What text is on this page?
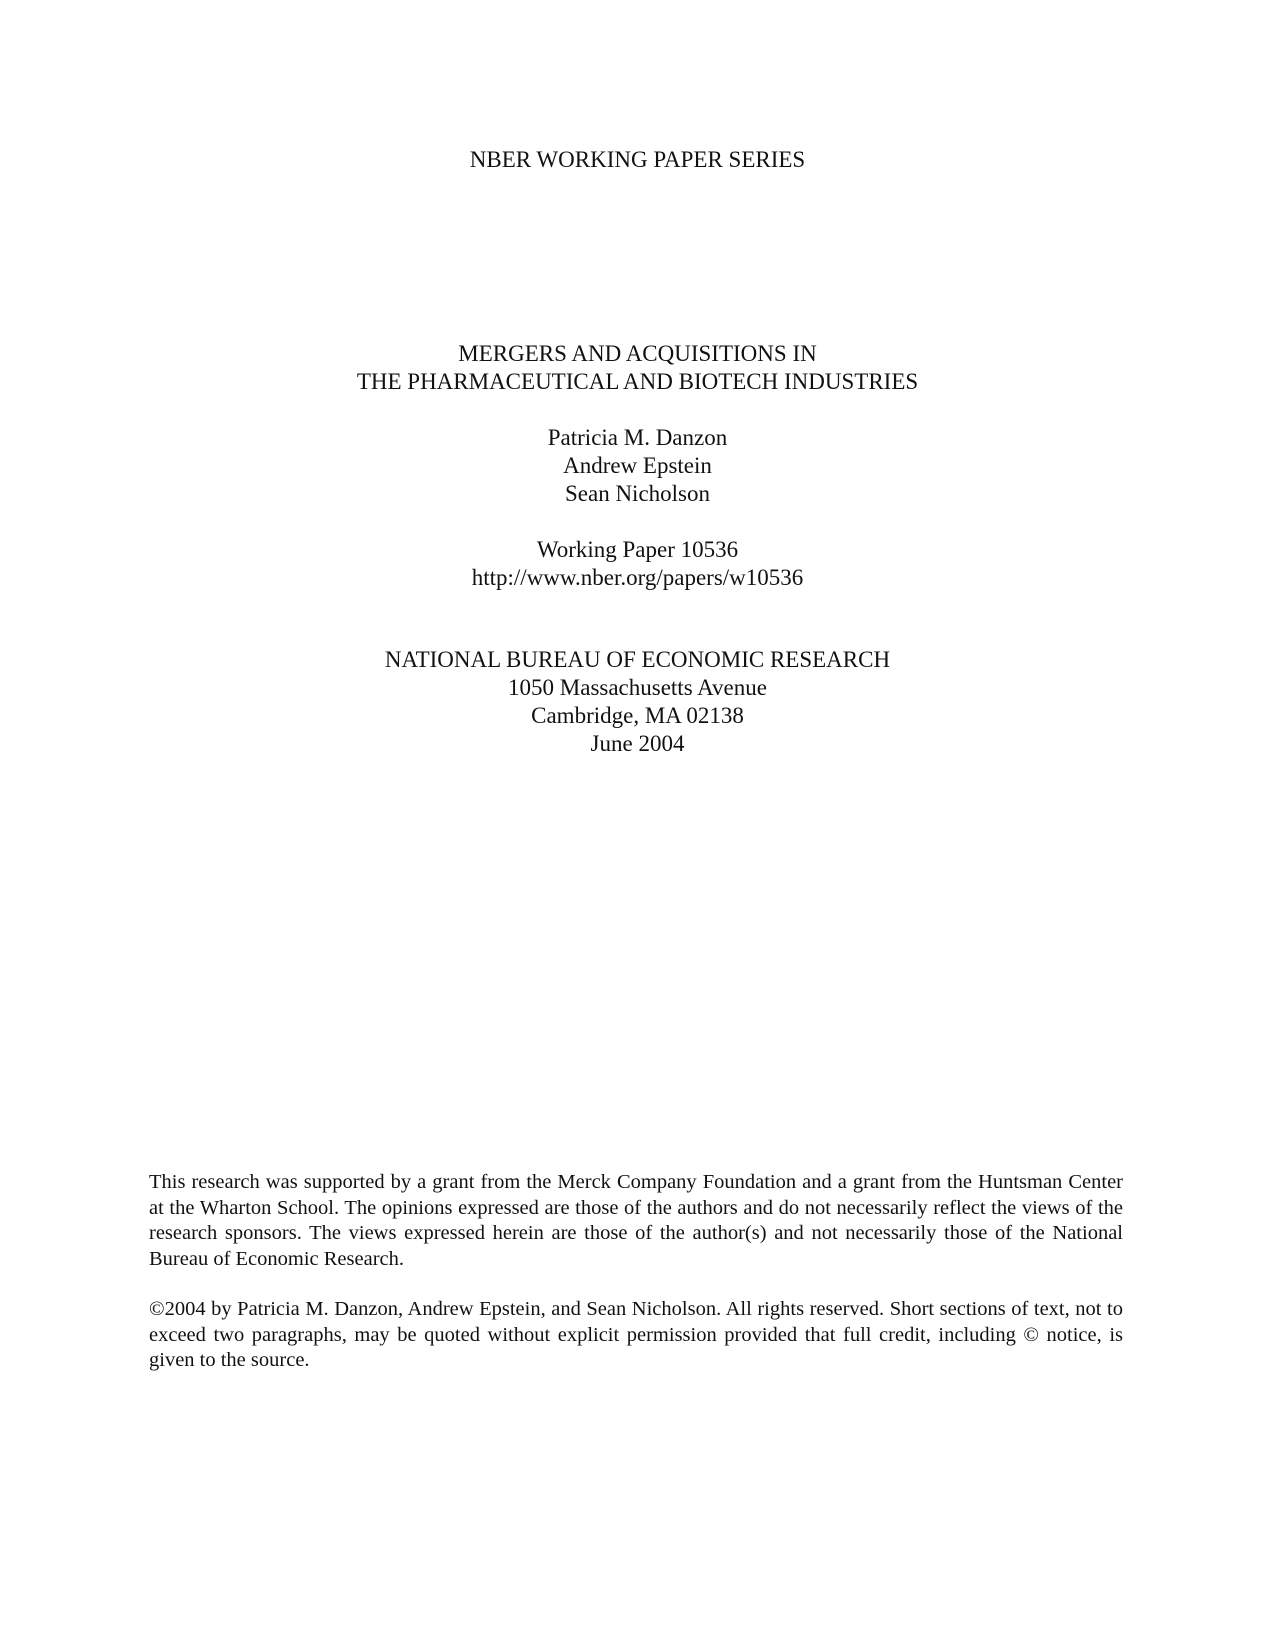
NBER WORKING PAPER SERIES
MERGERS AND ACQUISITIONS IN
THE PHARMACEUTICAL AND BIOTECH INDUSTRIES
Patricia M. Danzon
Andrew Epstein
Sean Nicholson
Working Paper 10536
http://www.nber.org/papers/w10536
NATIONAL BUREAU OF ECONOMIC RESEARCH
1050 Massachusetts Avenue
Cambridge, MA 02138
June 2004

This research was supported by a grant from the Merck Company Foundation and a grant from the Huntsman Center at the Wharton School. The opinions expressed are those of the authors and do not necessarily reflect the views of the research sponsors. The views expressed herein are those of the author(s) and not necessarily those of the National Bureau of Economic Research.

©2004 by Patricia M. Danzon, Andrew Epstein, and Sean Nicholson. All rights reserved. Short sections of text, not to exceed two paragraphs, may be quoted without explicit permission provided that full credit, including © notice, is given to the source.
